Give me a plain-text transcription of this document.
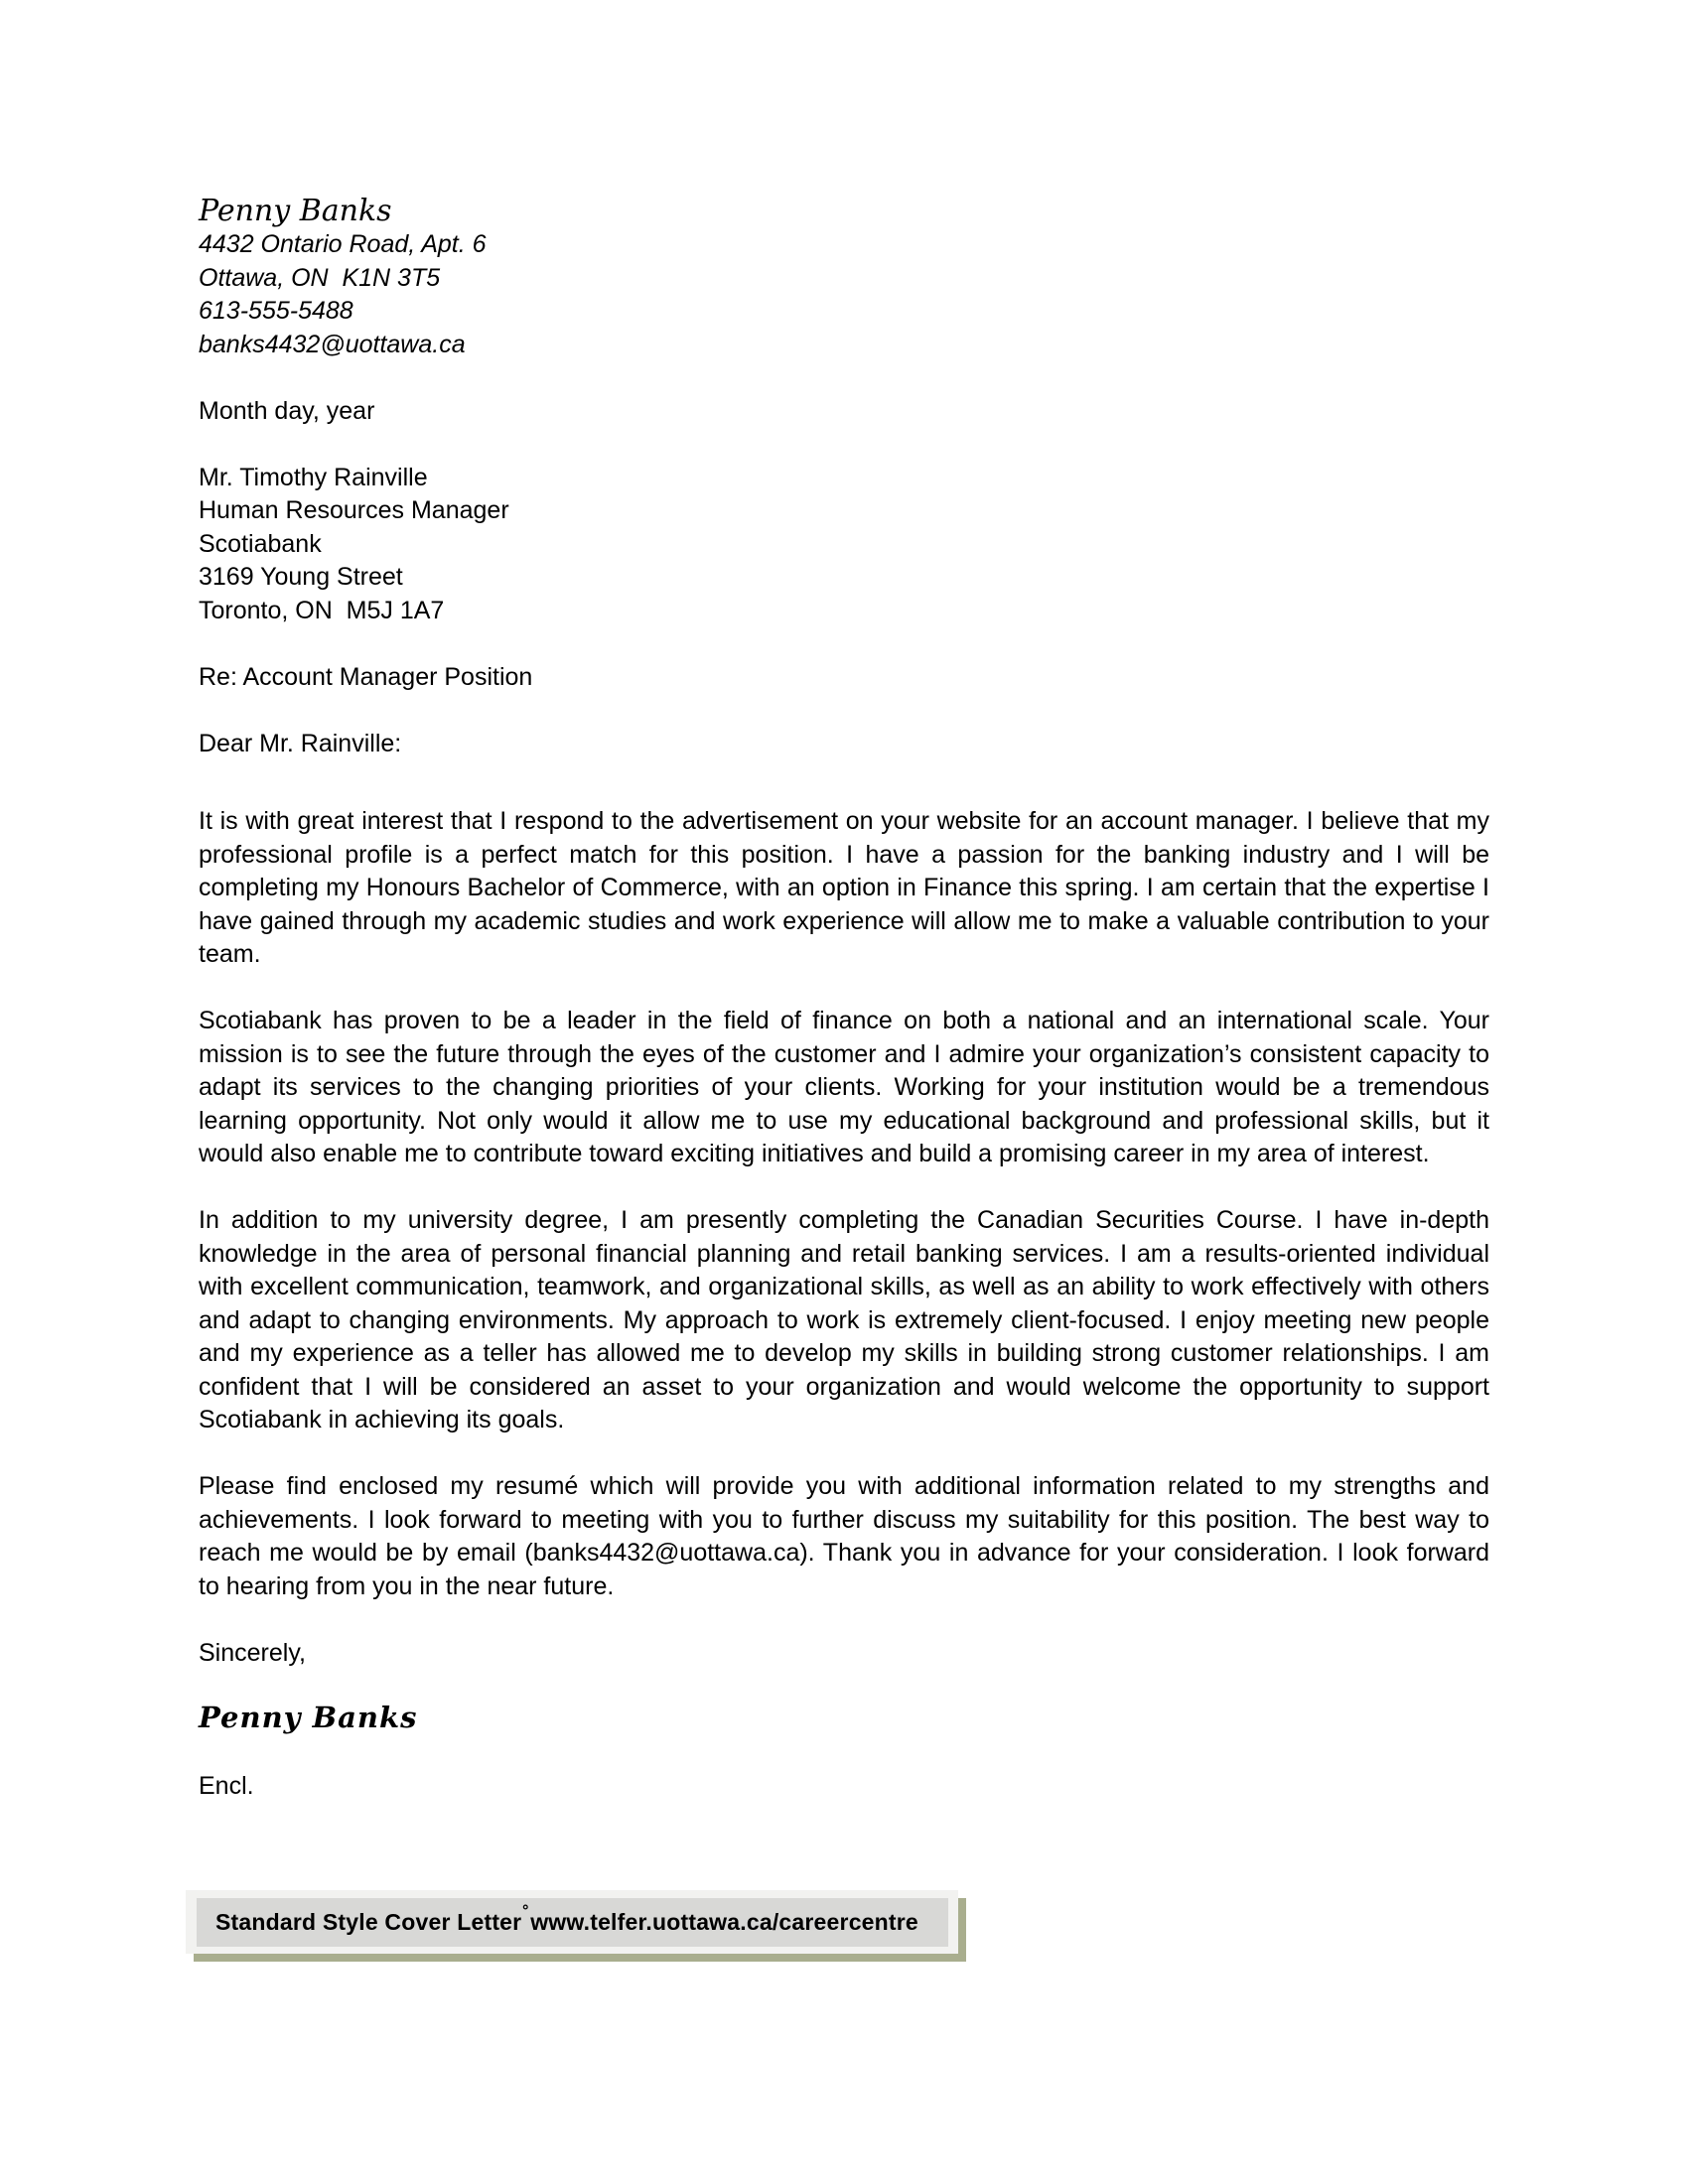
Penny Banks
4432 Ontario Road, Apt. 6
Ottawa, ON  K1N 3T5
613-555-5488
banks4432@uottawa.ca
Month day, year
Mr. Timothy Rainville
Human Resources Manager
Scotiabank
3169 Young Street
Toronto, ON  M5J 1A7
Re: Account Manager Position
Dear Mr. Rainville:

It is with great interest that I respond to the advertisement on your website for an account manager. I believe that my professional profile is a perfect match for this position. I have a passion for the banking industry and I will be completing my Honours Bachelor of Commerce, with an option in Finance this spring. I am certain that the expertise I have gained through my academic studies and work experience will allow me to make a valuable contribution to your team.

Scotiabank has proven to be a leader in the field of finance on both a national and an international scale. Your mission is to see the future through the eyes of the customer and I admire your organization’s consistent capacity to adapt its services to the changing priorities of your clients. Working for your institution would be a tremendous learning opportunity. Not only would it allow me to use my educational background and professional skills, but it would also enable me to contribute toward exciting initiatives and build a promising career in my area of interest.

In addition to my university degree, I am presently completing the Canadian Securities Course. I have in-depth knowledge in the area of personal financial planning and retail banking services. I am a results-oriented individual with excellent communication, teamwork, and organizational skills, as well as an ability to work effectively with others and adapt to changing environments. My approach to work is extremely client-focused. I enjoy meeting new people and my experience as a teller has allowed me to develop my skills in building strong customer relationships. I am confident that I will be considered an asset to your organization and would welcome the opportunity to support Scotiabank in achieving its goals.

Please find enclosed my resumé which will provide you with additional information related to my strengths and achievements. I look forward to meeting with you to further discuss my suitability for this position. The best way to reach me would be by email (banks4432@uottawa.ca). Thank you in advance for your consideration. I look forward to hearing from you in the near future.

Sincerely,
Penny Banks
Encl.
Standard Style Cover Letter ˚ www.telfer.uottawa.ca/careercentre
